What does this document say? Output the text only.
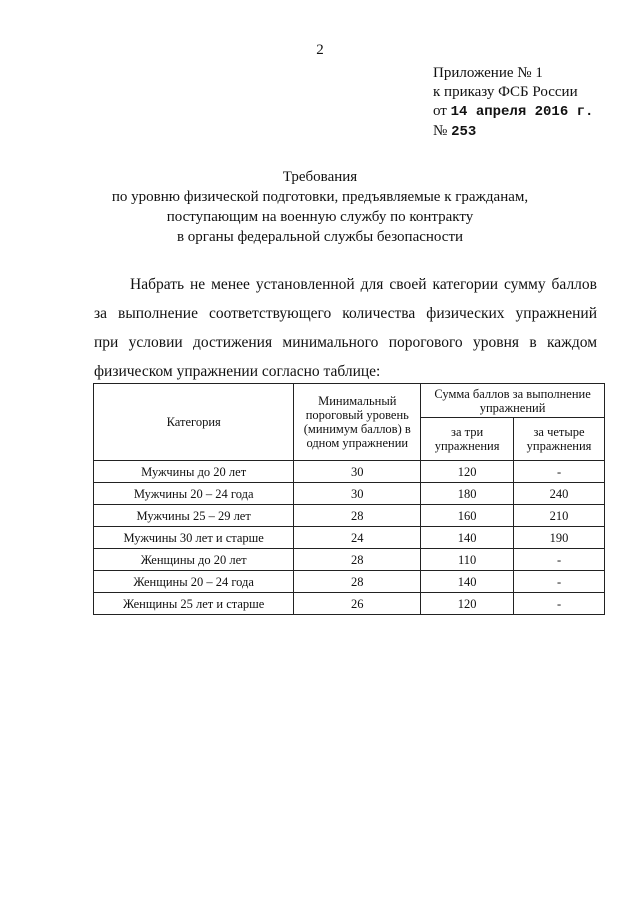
2
Приложение № 1
к приказу ФСБ России
от 14 апреля 2016 г.
№ 253
Требования
по уровню физической подготовки, предъявляемые к гражданам,
поступающим на военную службу по контракту
в органы федеральной службы безопасности
Набрать не менее установленной для своей категории сумму баллов
за выполнение соответствующего количества физических упражнений
при условии достижения минимального порогового уровня в каждом
физическом упражнении согласно таблице:
Категория	Минимальный пороговый уровень (минимум баллов) в одном упражнении	Сумма баллов за выполнение упражнений	
		за три упражнения	за четыре упражнения
Мужчины до 20 лет	30	120	-
Мужчины 20 – 24 года	30	180	240
Мужчины 25 – 29 лет	28	160	210
Мужчины 30 лет и старше	24	140	190
Женщины до 20 лет	28	110	-
Женщины 20 – 24 года	28	140	-
Женщины 25 лет и старше	26	120	-
